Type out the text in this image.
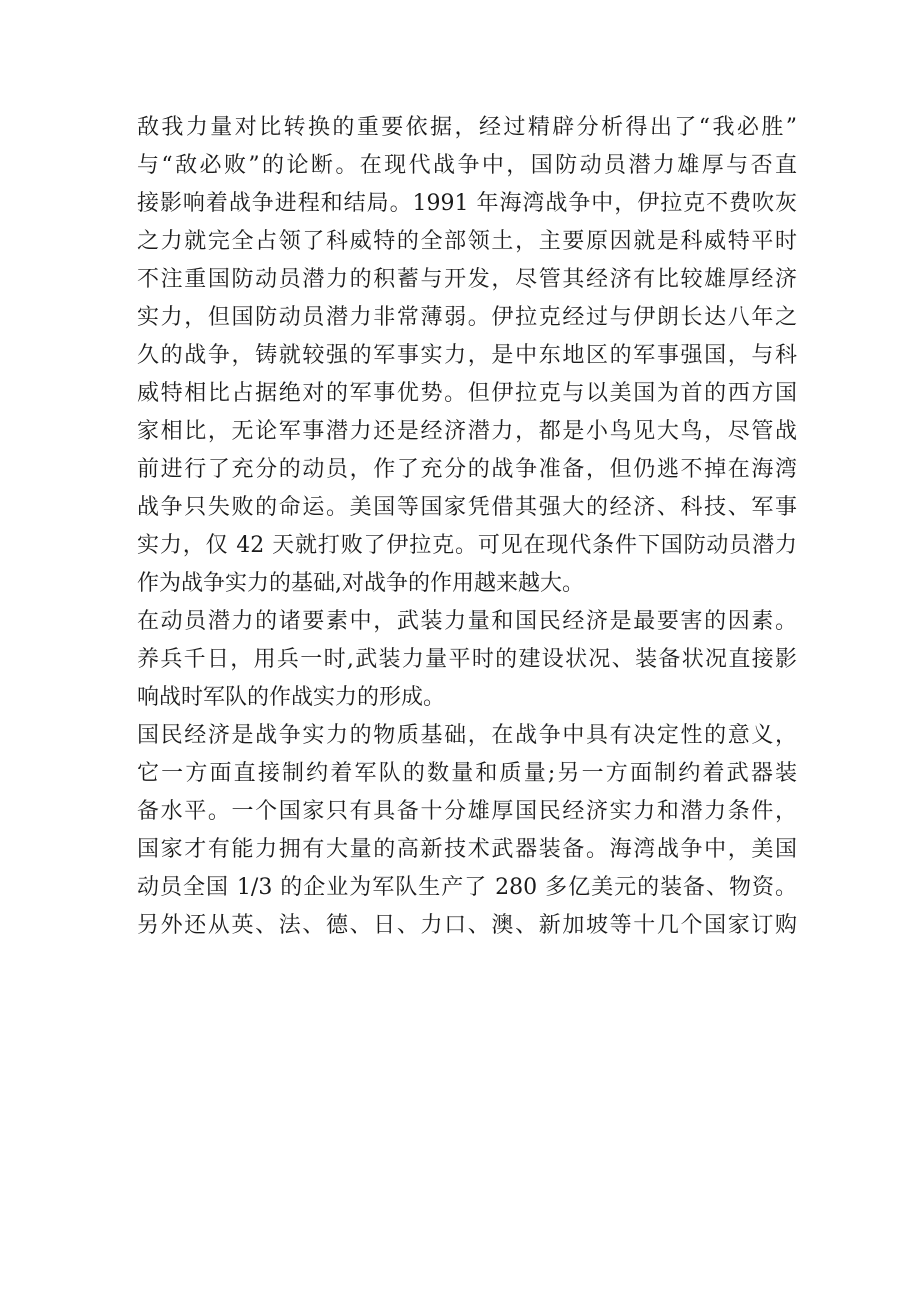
敌我力量对比转换的重要依据，经过精辟分析得出了“我必胜”
与“敌必败”的论断。在现代战争中，国防动员潜力雄厚与否直
接影响着战争进程和结局。1991 年海湾战争中，伊拉克不费吹灰
之力就完全占领了科威特的全部领土，主要原因就是科威特平时
不注重国防动员潜力的积蓄与开发，尽管其经济有比较雄厚经济
实力，但国防动员潜力非常薄弱。伊拉克经过与伊朗长达八年之
久的战争，铸就较强的军事实力，是中东地区的军事强国，与科
威特相比占据绝对的军事优势。但伊拉克与以美国为首的西方国
家相比，无论军事潜力还是经济潜力，都是小鸟见大鸟，尽管战
前进行了充分的动员，作了充分的战争准备，但仍逃不掉在海湾
战争只失败的命运。美国等国家凭借其强大的经济、科技、军事
实力，仅 42 天就打败了伊拉克。可见在现代条件下国防动员潜力
作为战争实力的基础,对战争的作用越来越大。
在动员潜力的诸要素中，武装力量和国民经济是最要害的因素。
养兵千日，用兵一时,武装力量平时的建设状况、装备状况直接影
响战时军队的作战实力的形成。
国民经济是战争实力的物质基础，在战争中具有决定性的意义，
它一方面直接制约着军队的数量和质量;另一方面制约着武器装
备水平。一个国家只有具备十分雄厚国民经济实力和潜力条件，
国家才有能力拥有大量的高新技术武器装备。海湾战争中，美国
动员全国 1/3 的企业为军队生产了 280 多亿美元的装备、物资。
另外还从英、法、德、日、力口、澳、新加坡等十几个国家订购
